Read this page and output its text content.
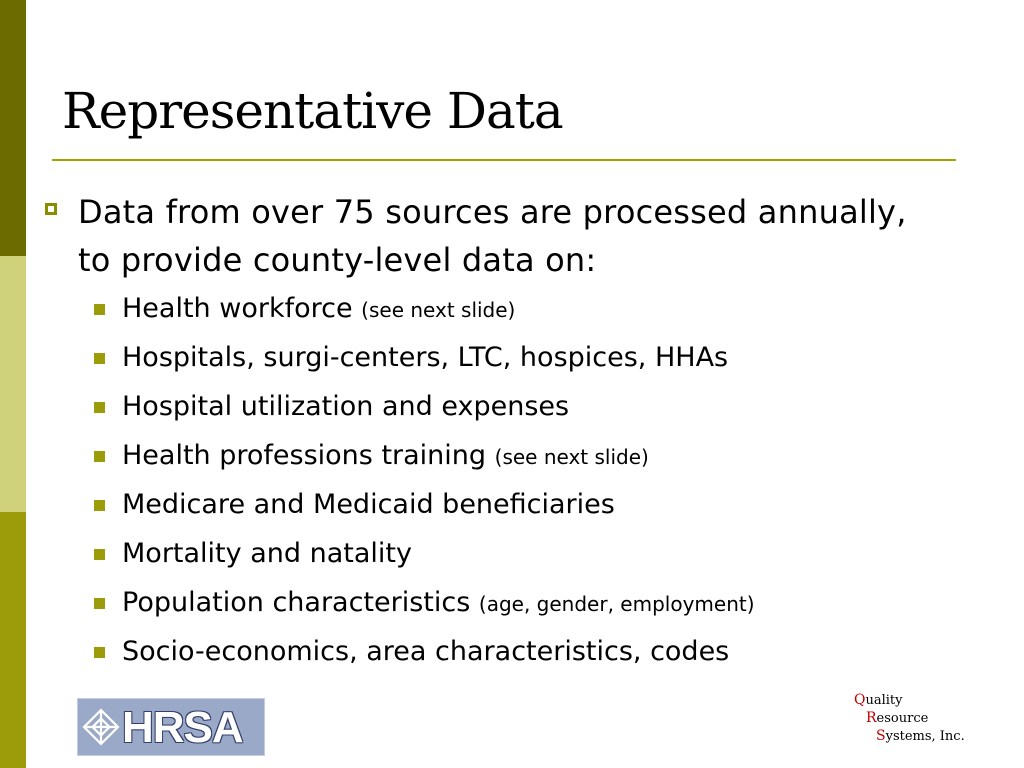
Representative Data
Data from over 75 sources are processed annually, to provide county-level data on:
Health workforce (see next slide)
Hospitals, surgi-centers, LTC, hospices, HHAs
Hospital utilization and expenses
Health professions training (see next slide)
Medicare and Medicaid beneficiaries
Mortality and natality
Population characteristics (age, gender, employment)
Socio-economics, area characteristics, codes
HRSA
Quality
Resource
Systems, Inc.
